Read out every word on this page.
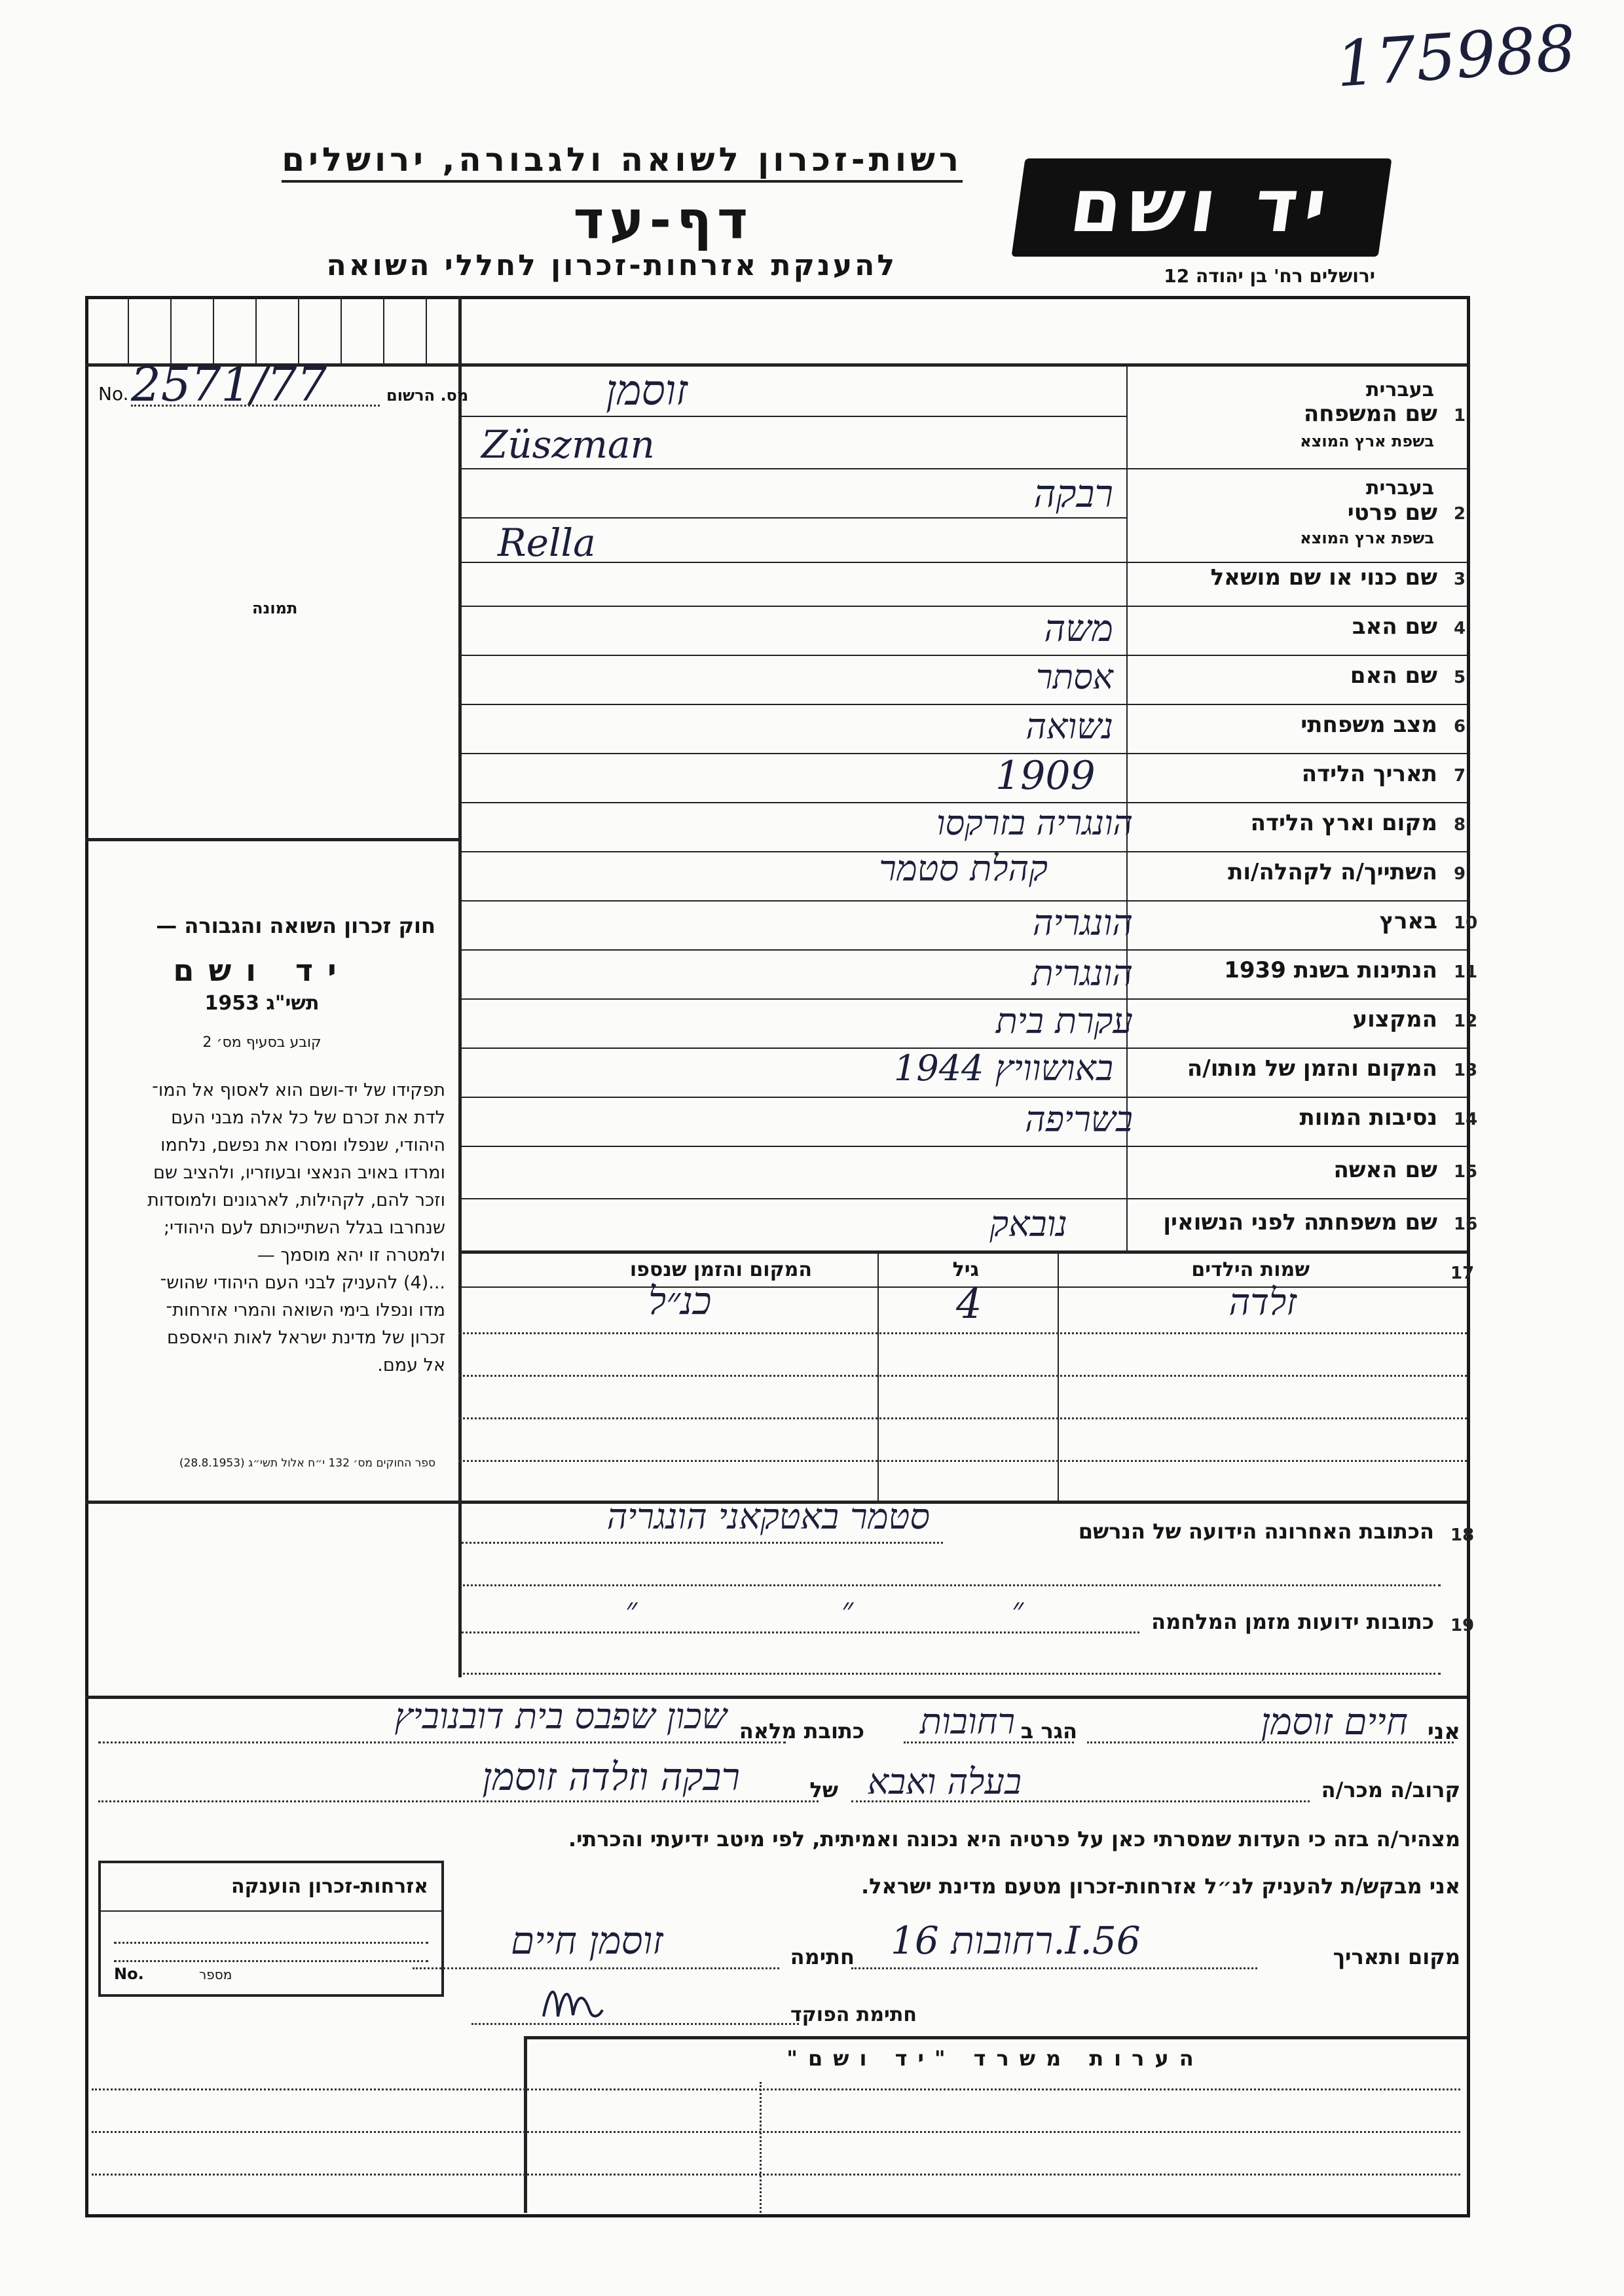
175988
רשות-זכרון לשואה ולגבורה, ירושלים
דף-עד
להענקת אזרחות-זכרון לחללי השואה
יד ושם
ירושלים רח' בן יהודה 12
מס. הרשום
No. 2571/77
תמונה
חוק זכרון השואה והגבורה —
יד ושם
תשי"ג 1953
קובע בסעיף מס׳ 2
תפקידו של יד-ושם הוא לאסוף אל המו־
לדת את זכרם של כל אלה מבני העם
היהודי, שנפלו ומסרו את נפשם, נלחמו
ומרדו באויב הנאצי ובעוזריו, ולהציב שם
וזכר להם, לקהילות, לארגונים ולמוסדות
שנחרבו בגלל השתייכותם לעם היהודי;
ולמטרה זו יהא מוסמך —
...(4) להעניק לבני העם היהודי שהוש־
מדו ונפלו בימי השואה והמרי אזרחות־
זכרון של מדינת ישראל לאות היאספם
אל עמם.
ספר החוקים מס׳ 132 י״ח אלול תשי״ג (28.8.1953)
1
שם המשפחה
בעברית
בשפת ארץ המוצא
זוסמן
Züszman
2
שם פרטי
בעברית
בשפת ארץ המוצא
רבקה
Rella
3
שם כנוי או שם מושאל
4
שם האב
משה
5
שם האם
אסתר
6
מצב משפחתי
נשואה
7
תאריך הלידה
1909
8
מקום וארץ הלידה
הונגריה בזרקסו
9
השתייך/ה לקהלה/ות
קהלת סטמר
10
בארץ
הונגריה
11
הנתינות בשנת 1939
הונגרית
12
המקצוע
עקרת בית
13
המקום והזמן של מותו/ה
באושוויץ 1944
14
נסיבות המוות
בשריפה
15
שם האשה
16
שם משפחתה לפני הנשואין
נובאק
17
שמות הילדים
גיל
המקום והזמן שנספו
זלדה
4
כנ״ל
18
הכתובת האחרונה הידועה של הנרשם
סטמר באטקאני הונגריה
19
כתובות ידועות מזמן המלחמה
״	״	״
אני
חיים זוסמן
הגר ב
רחובות
כתובת מלאה
שכון שפבס בית דובנוביץ
קרוב/ה מכר/ה
בעלה ואבא
של
רבקה וזלדה זוסמן
מצהיר/ה בזה כי העדות שמסרתי כאן על פרטיה היא נכונה ואמיתית, לפי מיטב ידיעתי והכרתי.
אני מבקש/ת להעניק לנ״ל אזרחות-זכרון מטעם מדינת ישראל.
אזרחות-זכרון הוענקה
מספר
No.
מקום ותאריך
רחובות 16.I.56
חתימה
זוסמן חיים
חתימת הפוקד
הערות משרד "יד ושם"
